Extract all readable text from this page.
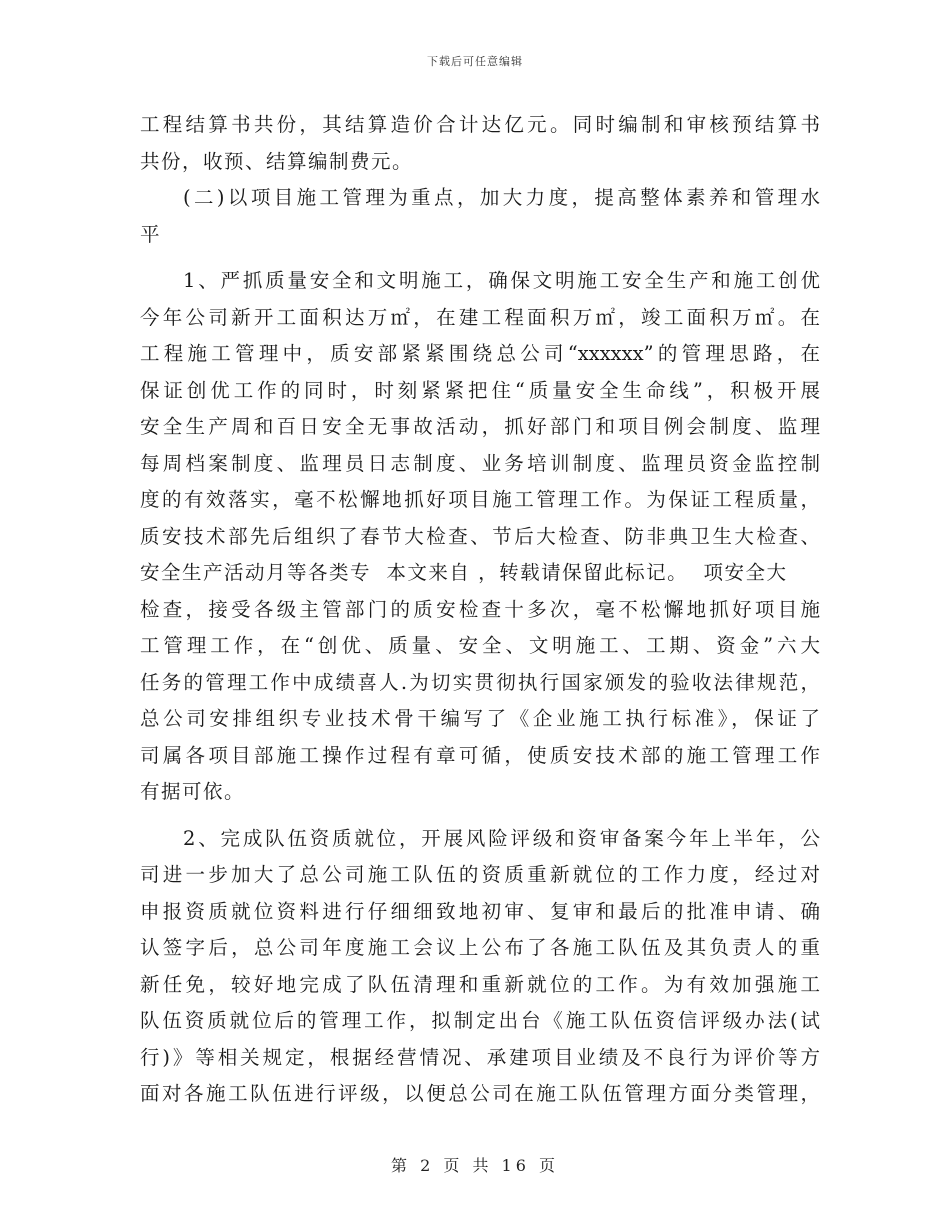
下载后可任意编辑
工程结算书共份，其结算造价合计达亿元。同时编制和审核预结算书
共份，收预、结算编制费元。
(二)以项目施工管理为重点，加大力度，提高整体素养和管理水
平
1、严抓质量安全和文明施工，确保文明施工安全生产和施工创优
今年公司新开工面积达万㎡，在建工程面积万㎡，竣工面积万㎡。在
工程施工管理中，质安部紧紧围绕总公司“xxxxxx”的管理思路，在
保证创优工作的同时，时刻紧紧把住“质量安全生命线”，积极开展
安全生产周和百日安全无事故活动，抓好部门和项目例会制度、监理
每周档案制度、监理员日志制度、业务培训制度、监理员资金监控制
度的有效落实，毫不松懈地抓好项目施工管理工作。为保证工程质量，
质安技术部先后组织了春节大检查、节后大检查、防非典卫生大检查、
安全生产活动月等各类专  本文来自 ，转载请保留此标记。  项安全大
检查，接受各级主管部门的质安检查十多次，毫不松懈地抓好项目施
工管理工作，在“创优、质量、安全、文明施工、工期、资金”六大
任务的管理工作中成绩喜人.为切实贯彻执行国家颁发的验收法律规范，
总公司安排组织专业技术骨干编写了《企业施工执行标准》，保证了
司属各项目部施工操作过程有章可循，使质安技术部的施工管理工作
有据可依。
2、完成队伍资质就位，开展风险评级和资审备案今年上半年，公
司进一步加大了总公司施工队伍的资质重新就位的工作力度，经过对
申报资质就位资料进行仔细细致地初审、复审和最后的批准申请、确
认签字后，总公司年度施工会议上公布了各施工队伍及其负责人的重
新任免，较好地完成了队伍清理和重新就位的工作。为有效加强施工
队伍资质就位后的管理工作，拟制定出台《施工队伍资信评级办法(试
行)》等相关规定，根据经营情况、承建项目业绩及不良行为评价等方
面对各施工队伍进行评级，以便总公司在施工队伍管理方面分类管理，
第 2 页 共 16 页
